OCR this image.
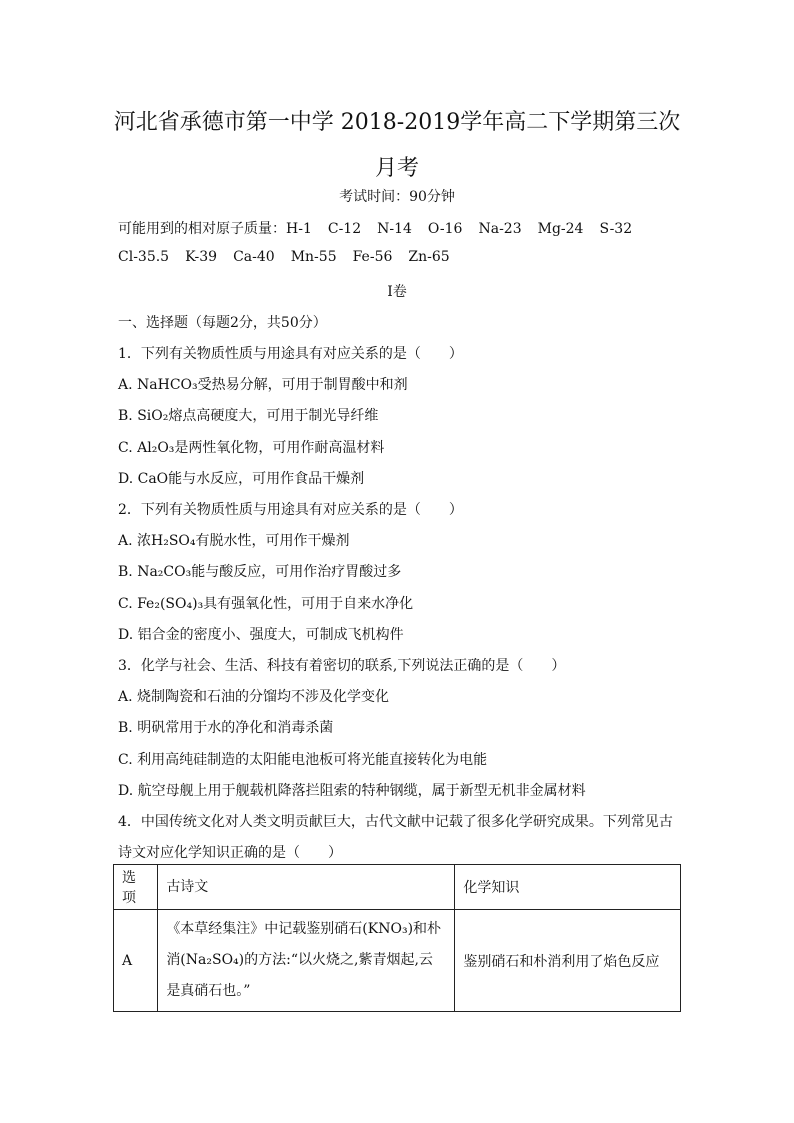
河北省承德市第一中学 2018-2019学年高二下学期第三次月考
考试时间：90分钟
可能用到的相对原子质量：H-1 C-12 N-14 O-16 Na-23 Mg-24 S-32
Cl-35.5 K-39 Ca-40 Mn-55 Fe-56 Zn-65
Ⅰ卷
一、选择题（每题2分，共50分）
1．下列有关物质性质与用途具有对应关系的是（　　）
A. NaHCO₃受热易分解，可用于制胃酸中和剂
B. SiO₂熔点高硬度大，可用于制光导纤维
C. Al₂O₃是两性氧化物，可用作耐高温材料
D. CaO能与水反应，可用作食品干燥剂
2．下列有关物质性质与用途具有对应关系的是（　　）
A. 浓H₂SO₄有脱水性，可用作干燥剂
B. Na₂CO₃能与酸反应，可用作治疗胃酸过多
C. Fe₂(SO₄)₃具有强氧化性，可用于自来水净化
D. 铝合金的密度小、强度大，可制成飞机构件
3．化学与社会、生活、科技有着密切的联系,下列说法正确的是（　　）
A. 烧制陶瓷和石油的分馏均不涉及化学变化
B. 明矾常用于水的净化和消毒杀菌
C. 利用高纯硅制造的太阳能电池板可将光能直接转化为电能
D. 航空母舰上用于舰载机降落拦阻索的特种钢缆，属于新型无机非金属材料
4．中国传统文化对人类文明贡献巨大，古代文献中记载了很多化学研究成果。下列常见古
诗文对应化学知识正确的是（　　）
选项	古诗文	化学知识
A	《本草经集注》中记载鉴别硝石(KNO₃)和朴消(Na₂SO₄)的方法:“以火烧之,紫青烟起,云是真硝石也。”	鉴别硝石和朴消利用了焰色反应
